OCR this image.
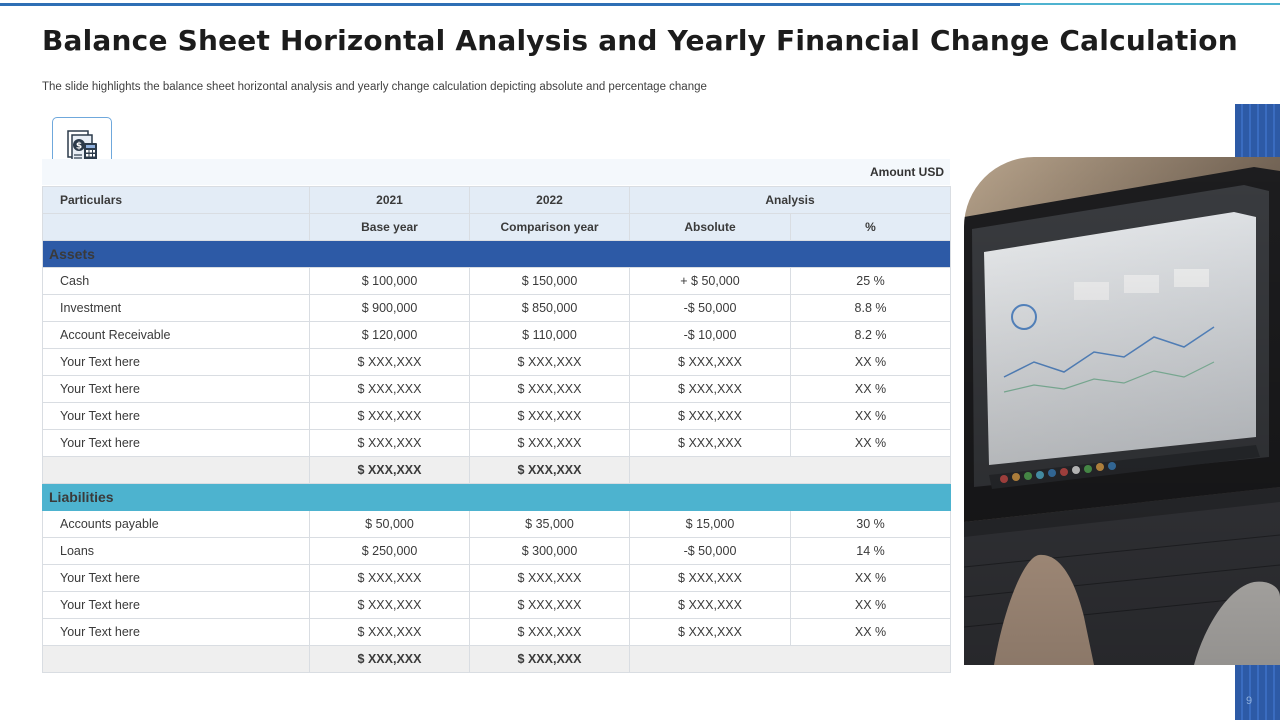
Balance Sheet Horizontal Analysis and Yearly Financial Change Calculation
The slide highlights the balance sheet horizontal analysis and yearly change calculation depicting absolute and percentage change
$
Amount USD
Particulars	2021	2022	Analysis	
	Base year	Comparison year	Absolute	%
Assets				
Cash	$ 100,000	$ 150,000	+ $ 50,000	25 %
Investment	$ 900,000	$ 850,000	-$ 50,000	8.8 %
Account Receivable	$ 120,000	$ 110,000	-$ 10,000	8.2 %
Your Text here	$ XXX,XXX	$ XXX,XXX	$ XXX,XXX	XX %
Your Text here	$ XXX,XXX	$ XXX,XXX	$ XXX,XXX	XX %
Your Text here	$ XXX,XXX	$ XXX,XXX	$ XXX,XXX	XX %
Your Text here	$ XXX,XXX	$ XXX,XXX	$ XXX,XXX	XX %
	$ XXX,XXX	$ XXX,XXX		
Liabilities				
Accounts payable	$ 50,000	$ 35,000	$ 15,000	30 %
Loans	$ 250,000	$ 300,000	-$ 50,000	14 %
Your Text here	$ XXX,XXX	$ XXX,XXX	$ XXX,XXX	XX %
Your Text here	$ XXX,XXX	$ XXX,XXX	$ XXX,XXX	XX %
Your Text here	$ XXX,XXX	$ XXX,XXX	$ XXX,XXX	XX %
	$ XXX,XXX	$ XXX,XXX		
9
